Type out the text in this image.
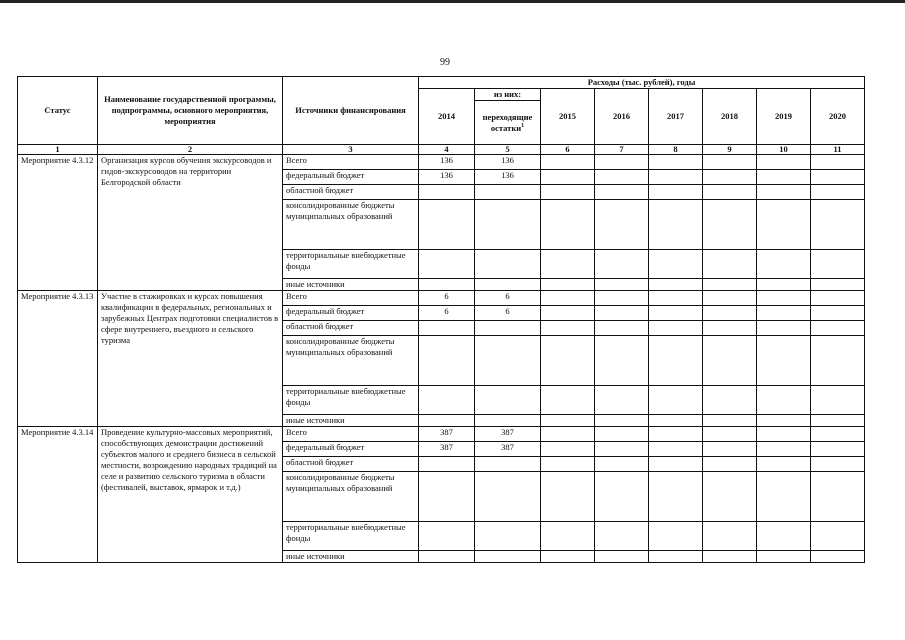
99
Статус	Наименование государственной программы, подпрограммы, основного мероприятия, мероприятия	Источники финансирования	Расходы (тыс. рублей), годы							
			2014	из них:	2015	2016	2017	2018	2019	2020
				переходящие остатки$^1$
1	2	3	4	5	6	7	8	9	10	11
Мероприятие 4.3.12	Организация курсов обучения экскурсоводов и гидов-экскурсоводов на территории Белгородской области	Всего	136	136						
		федеральный бюджет	136	136						
		областной бюджет								
		консолидированные бюджеты муниципальных образований								
		территориальные внебюджетные фонды								
		иные источники								
Мероприятие 4.3.13	Участие в стажировках и курсах повышения квалификации в федеральных, региональных и зарубежных Центрах подготовки специалистов в сфере внутреннего, въездного и сельского туризма	Всего	6	6						
		федеральный бюджет	6	6						
		областной бюджет								
		консолидированные бюджеты муниципальных образований								
		территориальные внебюджетные фонды								
		иные источники								
Мероприятие 4.3.14	Проведение культурно-массовых мероприятий, способствующих демонстрации достижений субъектов малого и среднего бизнеса в сельской местности, возрождению народных традиций на селе и развитию сельского туризма в области (фестивалей, выставок, ярмарок и т.д.)	Всего	387	387						
		федеральный бюджет	387	387						
		областной бюджет								
		консолидированные бюджеты муниципальных образований								
		территориальные внебюджетные фонды								
		иные источники								
